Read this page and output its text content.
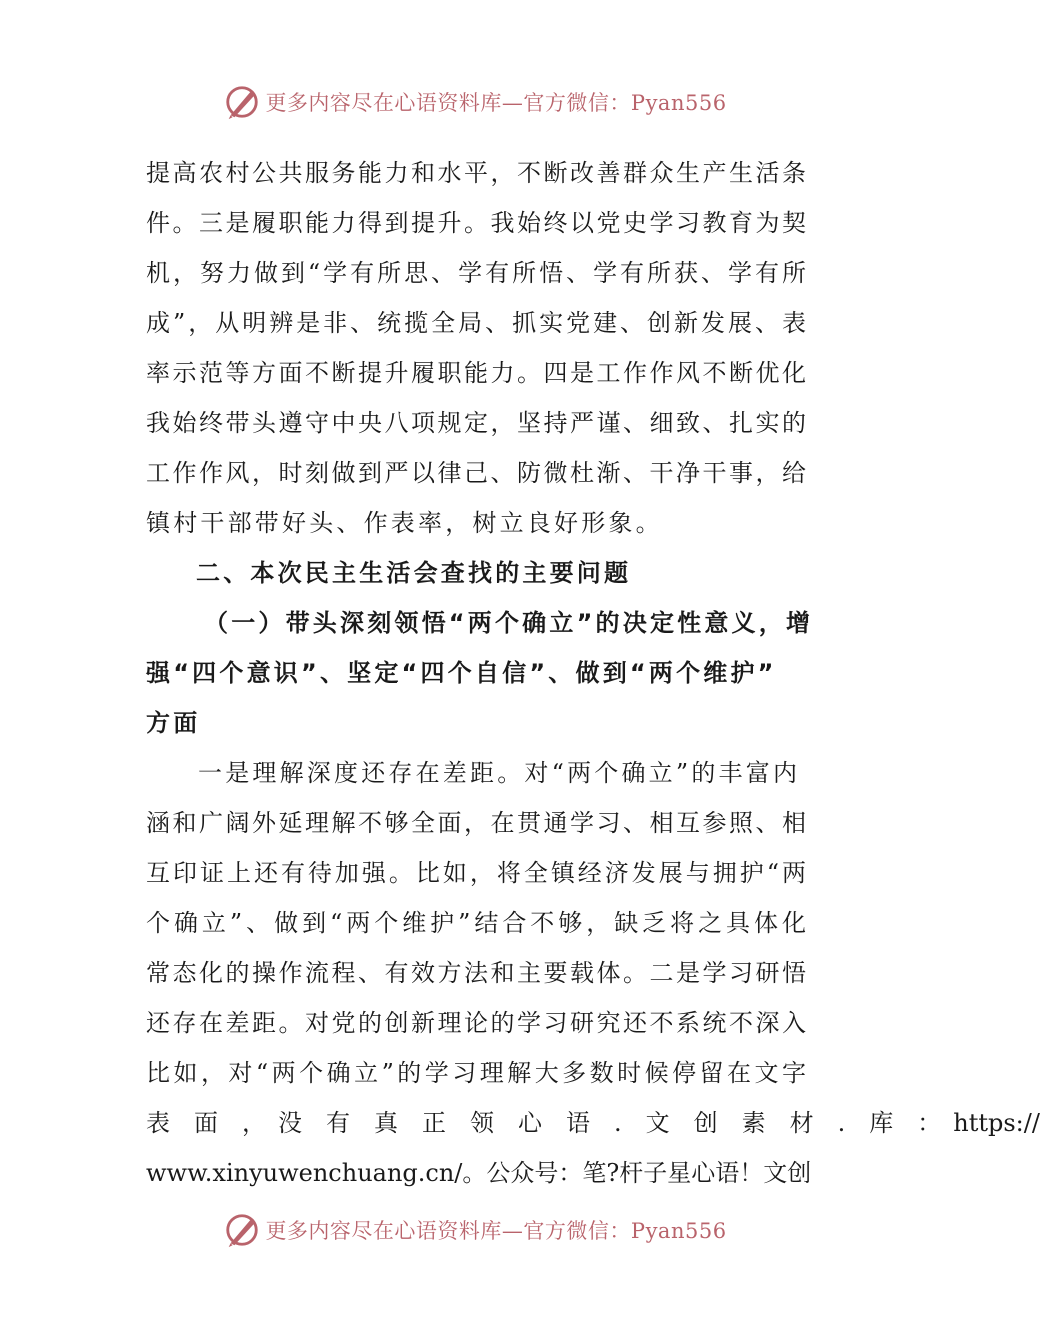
更多内容尽在心语资料库—官方微信：Pyan556
提高农村公共服务能力和水平，不断改善群众生产生活条
件。三是履职能力得到提升。我始终以党史学习教育为契
机，努力做到“学有所思、学有所悟、学有所获、学有所
成”，从明辨是非、统揽全局、抓实党建、创新发展、表
率示范等方面不断提升履职能力。四是工作作风不断优化
我始终带头遵守中央八项规定，坚持严谨、细致、扎实的
工作作风，时刻做到严以律己、防微杜渐、干净干事，给
镇村干部带好头、作表率，树立良好形象。
二、本次民主生活会查找的主要问题
（一）带头深刻领悟“两个确立”的决定性意义，增
强“四个意识”、坚定“四个自信”、做到“两个维护”
方面
一是理解深度还存在差距。对“两个确立”的丰富内
涵和广阔外延理解不够全面，在贯通学习、相互参照、相
互印证上还有待加强。比如，将全镇经济发展与拥护“两
个确立”、做到“两个维护”结合不够，缺乏将之具体化
常态化的操作流程、有效方法和主要载体。二是学习研悟
还存在差距。对党的创新理论的学习研究还不系统不深入
比如，对“两个确立”的学习理解大多数时候停留在文字
表　面　，　没　有　真　正　领　心　语　.　文　创　素　材　.　库　：　https://
www.xinyuwenchuang.cn/。公众号：笔?杆子星心语！文创
更多内容尽在心语资料库—官方微信：Pyan556
